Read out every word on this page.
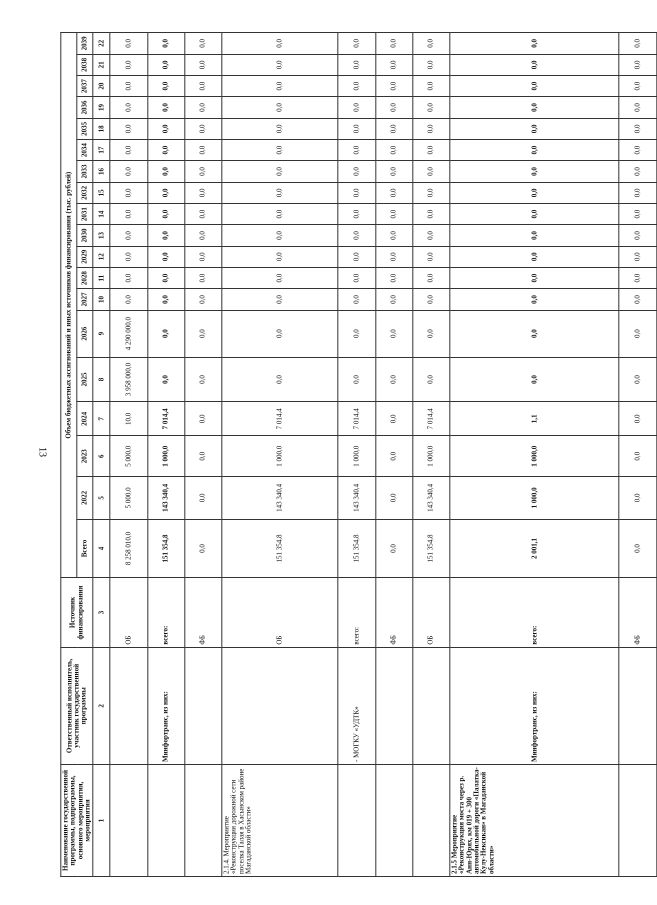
13
Наименование государственной программы, подпрограммы, основного мероприятия, мероприятия	Ответственный исполнитель, участник государственной программы	Источник финансирования	Объем бюджетных ассигнований и иных источников финансирования (тыс. рублей)																		
			Всего	2022	2023	2024	2025	2026	2027	2028	2029	2030	2031	2032	2033	2034	2035	2036	2037	2038	2039
1	2	3	4	5	6	7	8	9	10	11	12	13	14	15	16	17	18	19	20	21	22
		ОБ	8 258 010,0	5 000,0	5 000,0	10,0	3 958 000,0	4 290 000,0	0,0	0,0	0,0	0,0	0,0	0,0	0,0	0,0	0,0	0,0	0,0	0,0	0,0
	Минфортранс, из них:	всего:	151 354,8	143 340,4	1 000,0	7 014,4	0,0	0,0	0,0	0,0	0,0	0,0	0,0	0,0	0,0	0,0	0,0	0,0	0,0	0,0	0,0
		ФБ	0,0	0,0	0,0	0,0	0,0	0,0	0,0	0,0	0,0	0,0	0,0	0,0	0,0	0,0	0,0	0,0	0,0	0,0	0,0
2.1.4. Мероприятие «Реконструкция дорожной сети поселка Талая в Хасынском районе Магаданской области»		ОБ	151 354,8	143 340,4	1 000,0	7 014,4	0,0	0,0	0,0	0,0	0,0	0,0	0,0	0,0	0,0	0,0	0,0	0,0	0,0	0,0	0,0
	- МОГКУ «УДТК»	всего:	151 354,8	143 340,4	1 000,0	7 014,4	0,0	0,0	0,0	0,0	0,0	0,0	0,0	0,0	0,0	0,0	0,0	0,0	0,0	0,0	0,0
		ФБ	0,0	0,0	0,0	0,0	0,0	0,0	0,0	0,0	0,0	0,0	0,0	0,0	0,0	0,0	0,0	0,0	0,0	0,0	0,0
		ОБ	151 354,8	143 340,4	1 000,0	7 014,4	0,0	0,0	0,0	0,0	0,0	0,0	0,0	0,0	0,0	0,0	0,0	0,0	0,0	0,0	0,0
2.1.5 Мероприятие «Реконструкция моста через р. Анн-Юрях, км 019 + 300 автомобильной дороги «Палатка-Кулу-Нексикан» в Магаданской области»	Минфортранс, из них:	всего:	2 001,1	1 000,0	1 000,0	1,1	0,0	0,0	0,0	0,0	0,0	0,0	0,0	0,0	0,0	0,0	0,0	0,0	0,0	0,0	0,0
		ФБ	0,0	0,0	0,0	0,0	0,0	0,0	0,0	0,0	0,0	0,0	0,0	0,0	0,0	0,0	0,0	0,0	0,0	0,0	0,0
